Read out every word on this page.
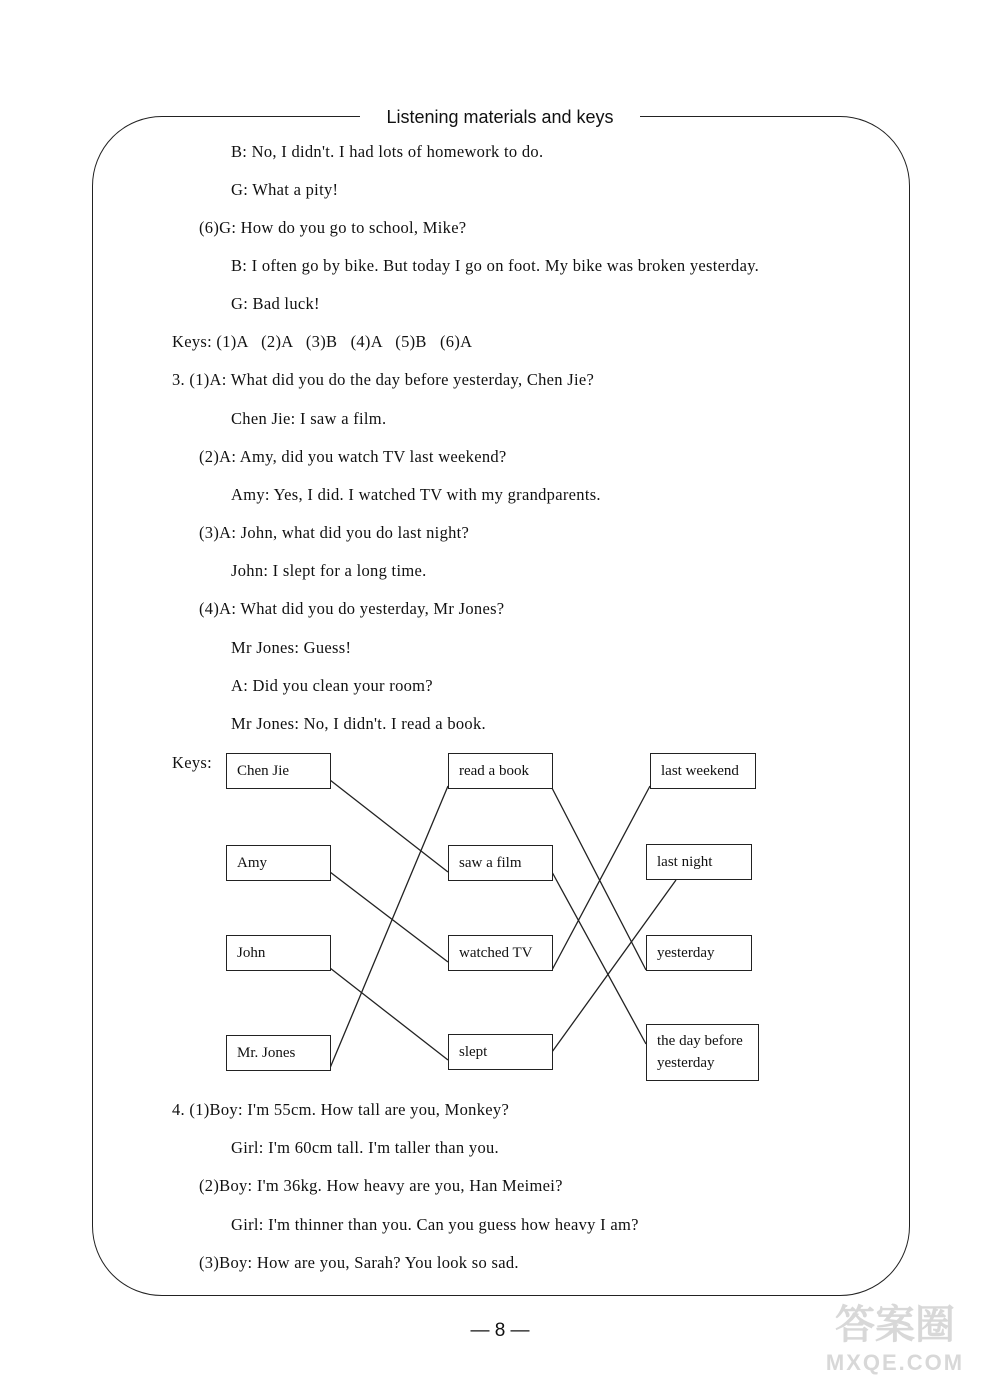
Listening materials and keys
B: No, I didn't. I had lots of homework to do.
G: What a pity!
(6)G: How do you go to school, Mike?
B: I often go by bike. But today I go on foot. My bike was broken yesterday.
G: Bad luck!
Keys: (1)A   (2)A   (3)B   (4)A   (5)B   (6)A
3. (1)A: What did you do the day before yesterday, Chen Jie?
Chen Jie: I saw a film.
(2)A: Amy, did you watch TV last weekend?
Amy: Yes, I did. I watched TV with my grandparents.
(3)A: John, what did you do last night?
John: I slept for a long time.
(4)A: What did you do yesterday, Mr Jones?
Mr Jones: Guess!
A: Did you clean your room?
Mr Jones: No, I didn't. I read a book.
Keys:	Chen Jie
Amy
John
Mr. Jones
read a book
saw a film
watched TV
slept
last weekend
last night
yesterday
the day before
yesterday
4. (1)Boy: I'm 55cm. How tall are you, Monkey?
Girl: I'm 60cm tall. I'm taller than you.
(2)Boy: I'm 36kg. How heavy are you, Han Meimei?
Girl: I'm thinner than you. Can you guess how heavy I am?
(3)Boy: How are you, Sarah? You look so sad.
— 8 —	答案圈
MXQE.COM
